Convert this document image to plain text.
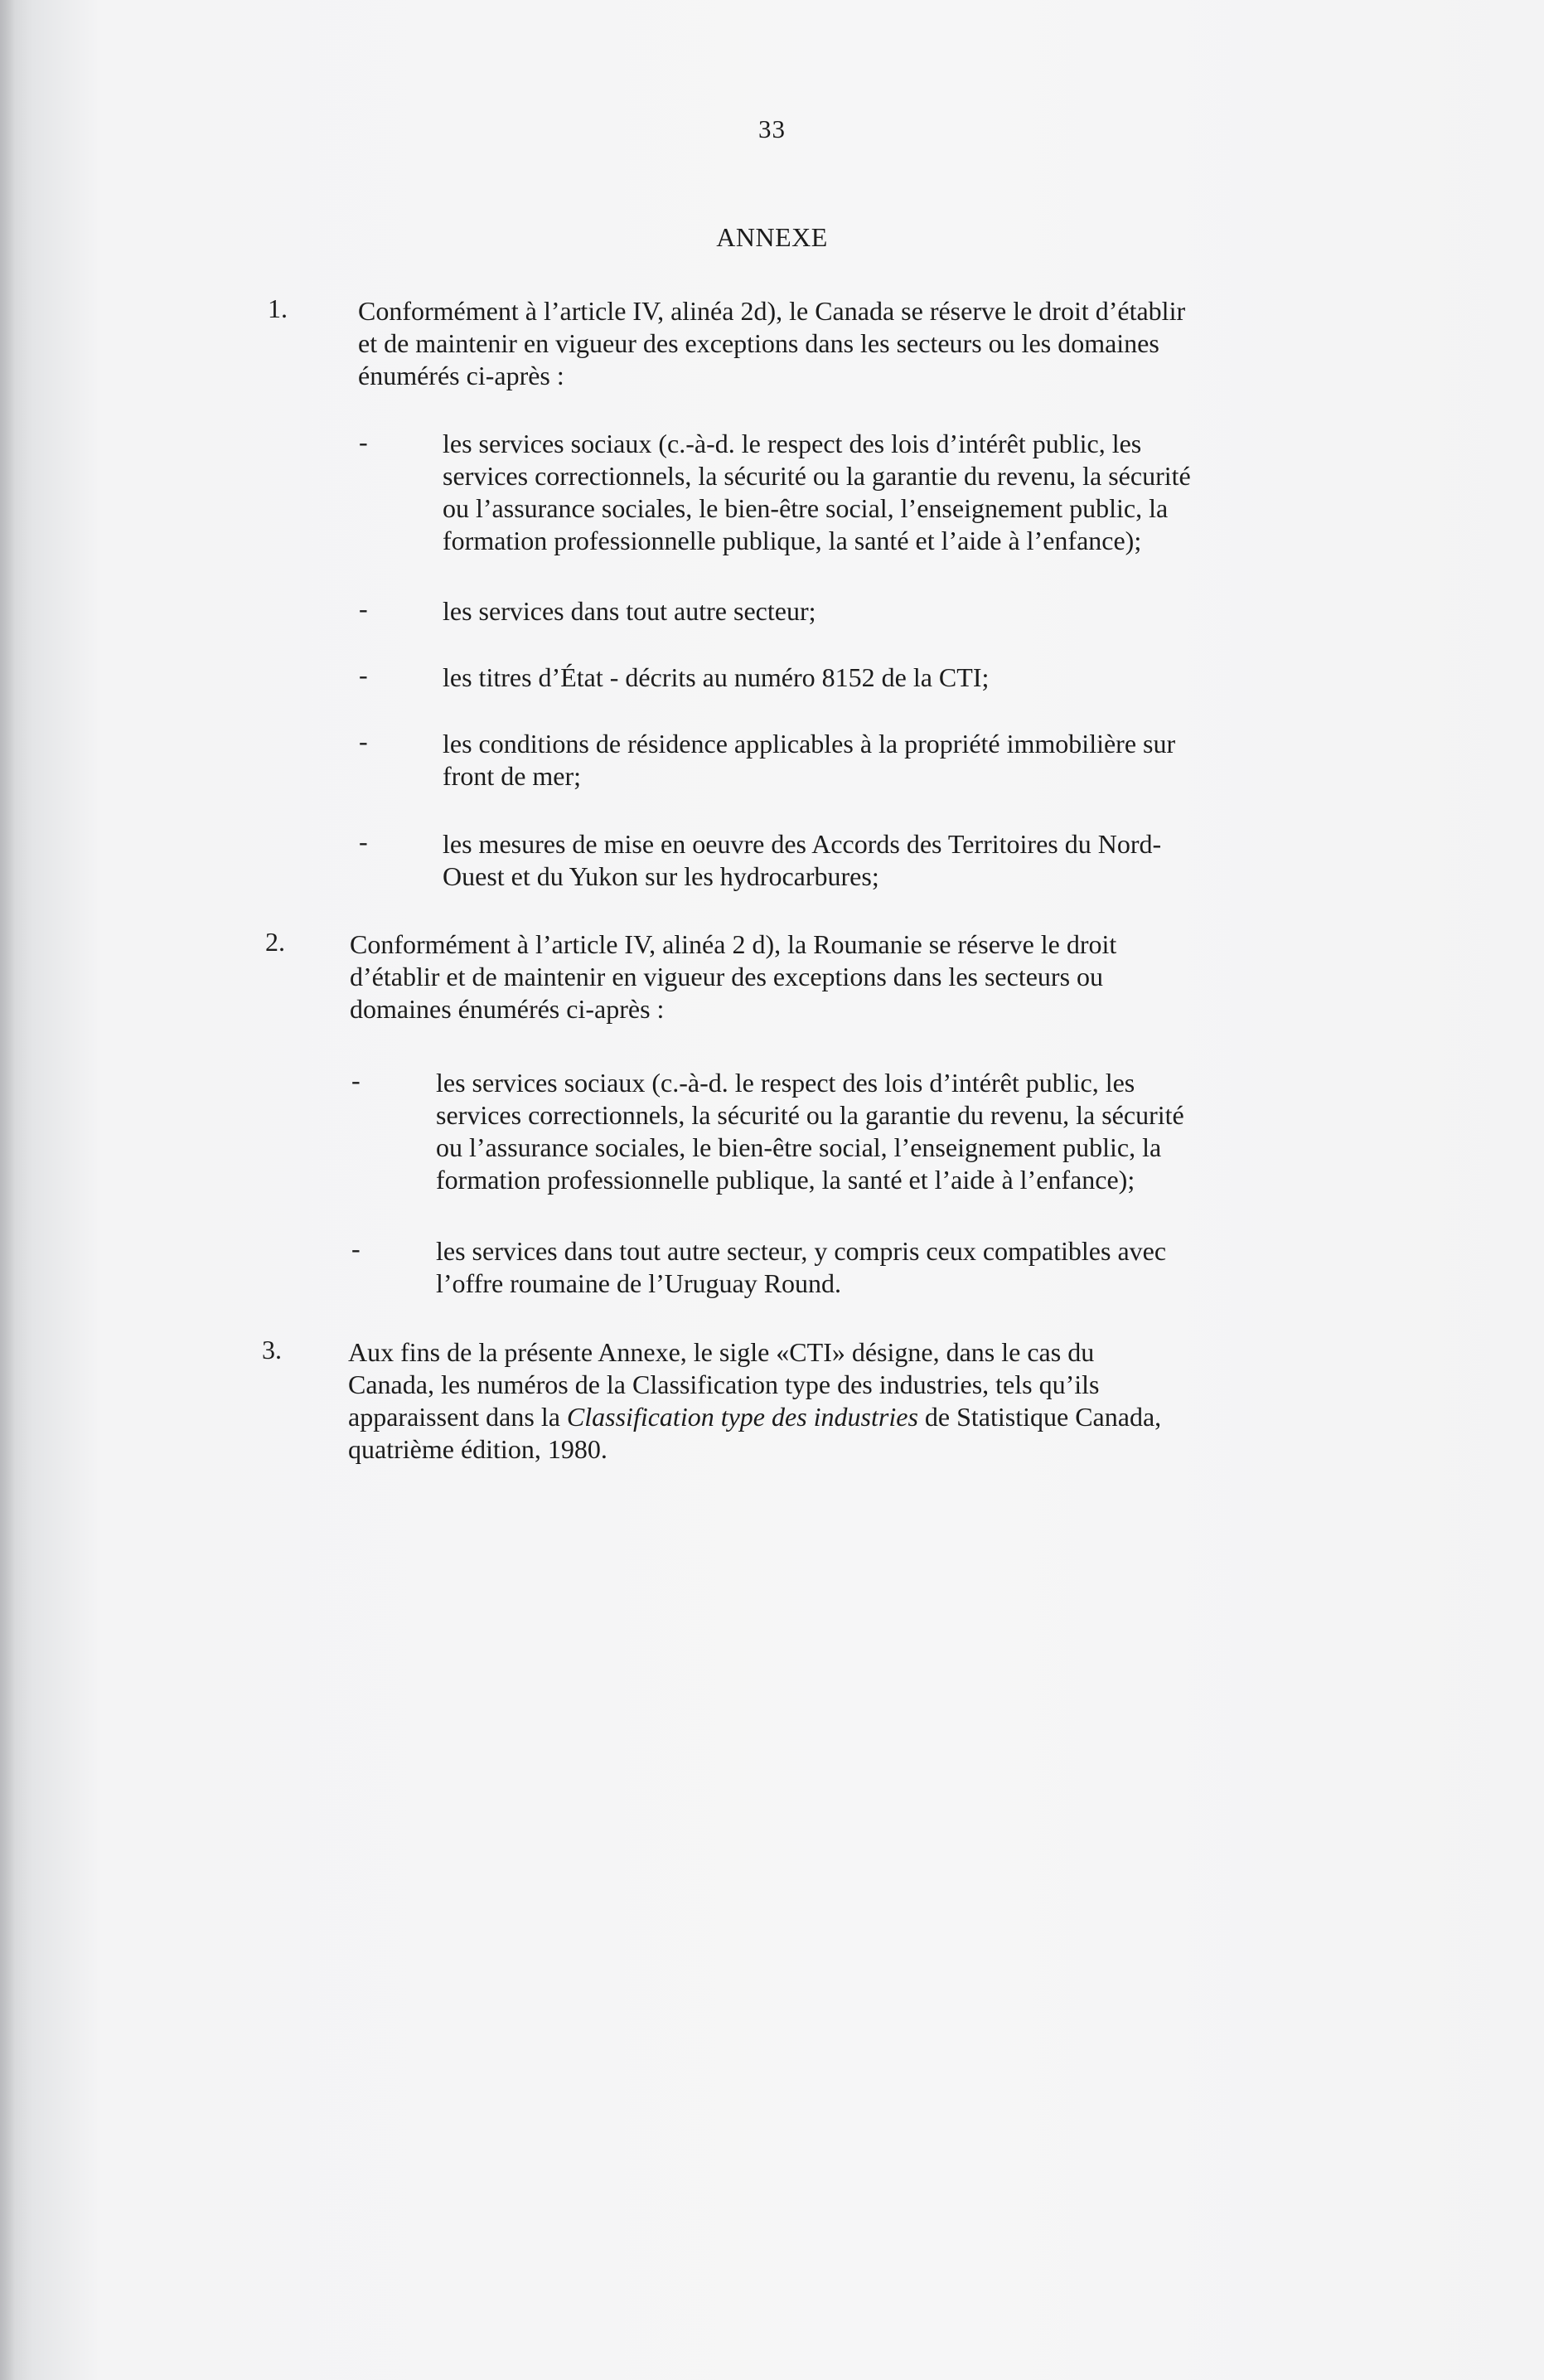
33
ANNEXE
1.	Conformément à l’article IV, alinéa 2d), le Canada se réserve le droit d’établir

et de maintenir en vigueur des exceptions dans les secteurs ou les domaines

énumérés ci-après :

-	les services sociaux (c.-à-d. le respect des lois d’intérêt public, les

services correctionnels, la sécurité ou la garantie du revenu, la sécurité

ou l’assurance sociales, le bien-être social, l’enseignement public, la

formation professionnelle publique, la santé et l’aide à l’enfance);

-	les services dans tout autre secteur;

-	les titres d’État - décrits au numéro 8152 de la CTI;

-	les conditions de résidence applicables à la propriété immobilière sur

front de mer;

-	les mesures de mise en oeuvre des Accords des Territoires du Nord-

Ouest et du Yukon sur les hydrocarbures;

2. Conformément à l’article IV, alinéa 2 d), la Roumanie se réserve le droit

d’établir et de maintenir en vigueur des exceptions dans les secteurs ou

domaines énumérés ci-après :

-	les services sociaux (c.-à-d. le respect des lois d’intérêt public, les

services correctionnels, la sécurité ou la garantie du revenu, la sécurité

ou l’assurance sociales, le bien-être social, l’enseignement public, la

formation professionnelle publique, la santé et l’aide à l’enfance);

-	les services dans tout autre secteur, y compris ceux compatibles avec

l’offre roumaine de l’Uruguay Round.

3.	Aux fins de la présente Annexe, le sigle «CTI» désigne, dans le cas du

Canada, les numéros de la Classification type des industries, tels qu’ils

apparaissent dans la Classification type des industries de Statistique Canada,

quatrième édition, 1980.
